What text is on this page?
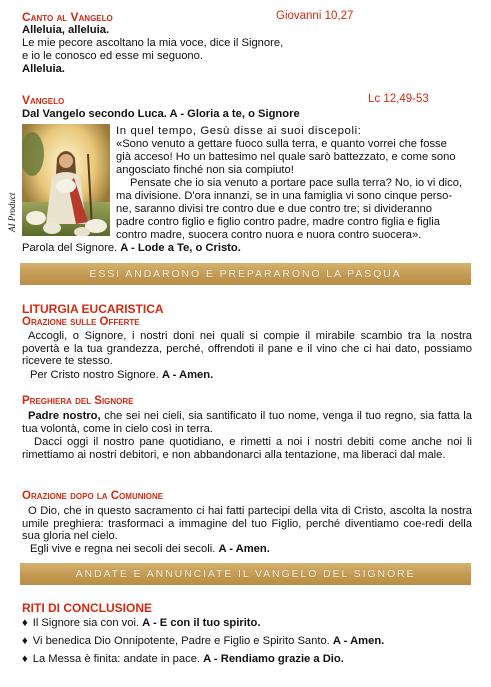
Canto al Vangelo	Giovanni 10,27
Alleluia, alleluia.
Le mie pecore ascoltano la mia voce, dice il Signore,
e io le conosco ed esse mi seguono.
Alleluia.
Vangelo	Lc 12,49-53
Dal Vangelo secondo Luca. A - Gloria a te, o Signore
AI Product
In quel tempo, Gesù disse ai suoi discepoli:
«Sono venuto a gettare fuoco sulla terra, e quanto vorrei che fosse
già acceso! Ho un battesimo nel quale sarò battezzato, e come sono
angosciato finché non sia compiuto!
Pensate che io sia venuto a portare pace sulla terra? No, io vi dico,
ma divisione. D'ora innanzi, se in una famiglia vi sono cinque perso-
ne, saranno divisi tre contro due e due contro tre; si divideranno
padre contro figlio e figlio contro padre, madre contro figlia e figlia
contro madre, suocera contro nuora e nuora contro suocera».
Parola del Signore. A - Lode a Te, o Cristo.
ESSI ANDARONO E PREPARARONO LA PASQUA
LITURGIA EUCARISTICA
Orazione sulle Offerte
Accogli, o Signore, i nostri doni nei quali si compie il mirabile scambio tra la nostra povertà e la tua grandezza, perché, offrendoti il pane e il vino che ci hai dato, possiamo ricevere te stesso.
Per Cristo nostro Signore. A - Amen.
Preghiera del Signore
Padre nostro, che sei nei cieli, sia santificato il tuo nome, venga il tuo regno, sia fatta la tua volontà, come in cielo così in terra.
Dacci oggi il nostro pane quotidiano, e rimetti a noi i nostri debiti come anche noi li rimettiamo ai nostri debitori, e non abbandonarci alla tentazione, ma liberaci dal male.
Orazione dopo la Comunione
O Dio, che in questo sacramento ci hai fatti partecipi della vita di Cristo, ascolta la nostra umile preghiera: trasformaci a immagine del tuo Figlio, perché diventiamo coe-redi della sua gloria nel cielo.
Egli vive e regna nei secoli dei secoli. A - Amen.
ANDATE E ANNUNCIATE IL VANGELO DEL SIGNORE
RITI DI CONCLUSIONE
♦ Il Signore sia con voi. A - E con il tuo spirito.
♦ Vi benedica Dio Onnipotente, Padre e Figlio e Spirito Santo. A - Amen.
♦ La Messa è finita: andate in pace. A - Rendiamo grazie a Dio.
